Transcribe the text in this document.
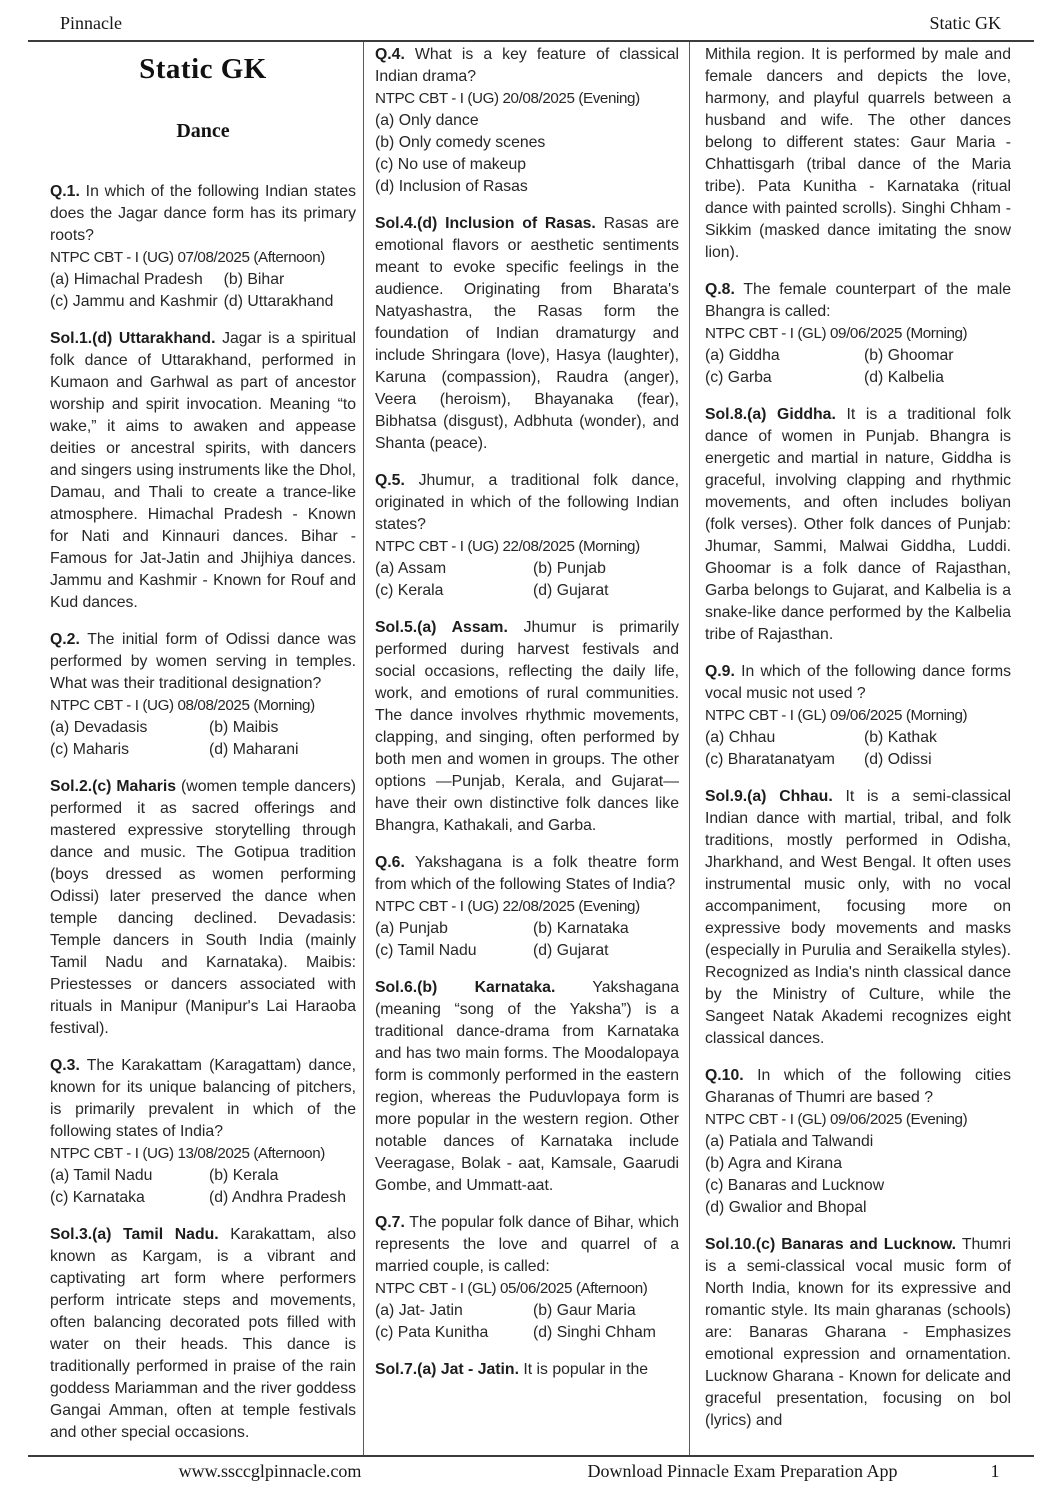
Pinnacle	Static GK
Static GK
Dance

Q.1. In which of the following Indian states does the Jagar dance form has its primary roots?

NTPC CBT - I (UG) 07/08/2025 (Afternoon)
(a) Himachal Pradesh	(b) Bihar
(c) Jammu and Kashmir (d) Uttarakhand

Sol.1.(d) Uttarakhand. Jagar is a spiritual folk dance of Uttarakhand, performed in Kumaon and Garhwal as part of ancestor worship and spirit invocation. Meaning “to wake,” it aims to awaken and appease deities or ancestral spirits, with dancers and singers using instruments like the Dhol, Damau, and Thali to create a trance-like atmosphere. Himachal Pradesh - Known for Nati and Kinnauri dances. Bihar - Famous for Jat-Jatin and Jhijhiya dances. Jammu and Kashmir - Known for Rouf and Kud dances.

Q.2. The initial form of Odissi dance was performed by women serving in temples. What was their traditional designation?

NTPC CBT - I (UG) 08/08/2025 (Morning)
(a) Devadasis	(b) Maibis
(c) Maharis	(d) Maharani

Sol.2.(c) Maharis (women temple dancers) performed it as sacred offerings and mastered expressive storytelling through dance and music. The Gotipua tradition (boys dressed as women performing Odissi) later preserved the dance when temple dancing declined. Devadasis: Temple dancers in South India (mainly Tamil Nadu and Karnataka). Maibis: Priestesses or dancers associated with rituals in Manipur (Manipur's Lai Haraoba festival).

Q.3. The Karakattam (Karagattam) dance, known for its unique balancing of pitchers, is primarily prevalent in which of the following states of India?

NTPC CBT - I (UG) 13/08/2025 (Afternoon)
(a) Tamil Nadu	(b) Kerala
(c) Karnataka	(d) Andhra Pradesh

Sol.3.(a) Tamil Nadu. Karakattam, also known as Kargam, is a vibrant and captivating art form where performers perform intricate steps and movements, often balancing decorated pots filled with water on their heads. This dance is traditionally performed in praise of the rain goddess Mariamman and the river goddess Gangai Amman, often at temple festivals and other special occasions.

Q.4. What is a key feature of classical Indian drama?

NTPC CBT - I (UG) 20/08/2025 (Evening)
(a) Only dance
(b) Only comedy scenes
(c) No use of makeup
(d) Inclusion of Rasas

Sol.4.(d) Inclusion of Rasas. Rasas are emotional flavors or aesthetic sentiments meant to evoke specific feelings in the audience. Originating from Bharata's Natyashastra, the Rasas form the foundation of Indian dramaturgy and include Shringara (love), Hasya (laughter), Karuna (compassion), Raudra (anger), Veera (heroism), Bhayanaka (fear), Bibhatsa (disgust), Adbhuta (wonder), and Shanta (peace).

Q.5. Jhumur, a traditional folk dance, originated in which of the following Indian states?

NTPC CBT - I (UG) 22/08/2025 (Morning)
(a) Assam	(b) Punjab
(c) Kerala	(d) Gujarat

Sol.5.(a) Assam. Jhumur is primarily performed during harvest festivals and social occasions, reflecting the daily life, work, and emotions of rural communities. The dance involves rhythmic movements, clapping, and singing, often performed by both men and women in groups. The other options —Punjab, Kerala, and Gujarat—have their own distinctive folk dances like Bhangra, Kathakali, and Garba.

Q.6. Yakshagana is a folk theatre form from which of the following States of India?

NTPC CBT - I (UG) 22/08/2025 (Evening)
(a) Punjab	(b) Karnataka
(c) Tamil Nadu	(d) Gujarat

Sol.6.(b) Karnataka. Yakshagana (meaning “song of the Yaksha”) is a traditional dance-drama from Karnataka and has two main forms. The Moodalopaya form is commonly performed in the eastern region, whereas the Puduvlopaya form is more popular in the western region. Other notable dances of Karnataka include Veeragase, Bolak - aat, Kamsale, Gaarudi Gombe, and Ummatt-aat.

Q.7. The popular folk dance of Bihar, which represents the love and quarrel of a married couple, is called:

NTPC CBT - I (GL) 05/06/2025 (Afternoon)
(a) Jat- Jatin	(b) Gaur Maria
(c) Pata Kunitha	(d) Singhi Chham

Sol.7.(a) Jat - Jatin. It is popular in the

Mithila region. It is performed by male and female dancers and depicts the love, harmony, and playful quarrels between a husband and wife. The other dances belong to different states: Gaur Maria - Chhattisgarh (tribal dance of the Maria tribe). Pata Kunitha - Karnataka (ritual dance with painted scrolls). Singhi Chham - Sikkim (masked dance imitating the snow lion).

Q.8. The female counterpart of the male Bhangra is called:

NTPC CBT - I (GL) 09/06/2025 (Morning)
(a) Giddha	(b) Ghoomar
(c) Garba	(d) Kalbelia

Sol.8.(a) Giddha. It is a traditional folk dance of women in Punjab. Bhangra is energetic and martial in nature, Giddha is graceful, involving clapping and rhythmic movements, and often includes boliyan (folk verses). Other folk dances of Punjab: Jhumar, Sammi, Malwai Giddha, Luddi. Ghoomar is a folk dance of Rajasthan, Garba belongs to Gujarat, and Kalbelia is a snake-like dance performed by the Kalbelia tribe of Rajasthan.

Q.9. In which of the following dance forms vocal music not used ?

NTPC CBT - I (GL) 09/06/2025 (Morning)
(a) Chhau	(b) Kathak
(c) Bharatanatyam	(d) Odissi

Sol.9.(a) Chhau. It is a semi-classical Indian dance with martial, tribal, and folk traditions, mostly performed in Odisha, Jharkhand, and West Bengal. It often uses instrumental music only, with no vocal accompaniment, focusing more on expressive body movements and masks (especially in Purulia and Seraikella styles). Recognized as India's ninth classical dance by the Ministry of Culture, while the Sangeet Natak Akademi recognizes eight classical dances.

Q.10. In which of the following cities Gharanas of Thumri are based ?

NTPC CBT - I (GL) 09/06/2025 (Evening)
(a) Patiala and Talwandi
(b) Agra and Kirana
(c) Banaras and Lucknow
(d) Gwalior and Bhopal

Sol.10.(c) Banaras and Lucknow. Thumri is a semi-classical vocal music form of North India, known for its expressive and romantic style. Its main gharanas (schools) are: Banaras Gharana - Emphasizes emotional expression and ornamentation. Lucknow Gharana - Known for delicate and graceful presentation, focusing on bol (lyrics) and

www.ssccglpinnacle.com	Download Pinnacle Exam Preparation App	1
